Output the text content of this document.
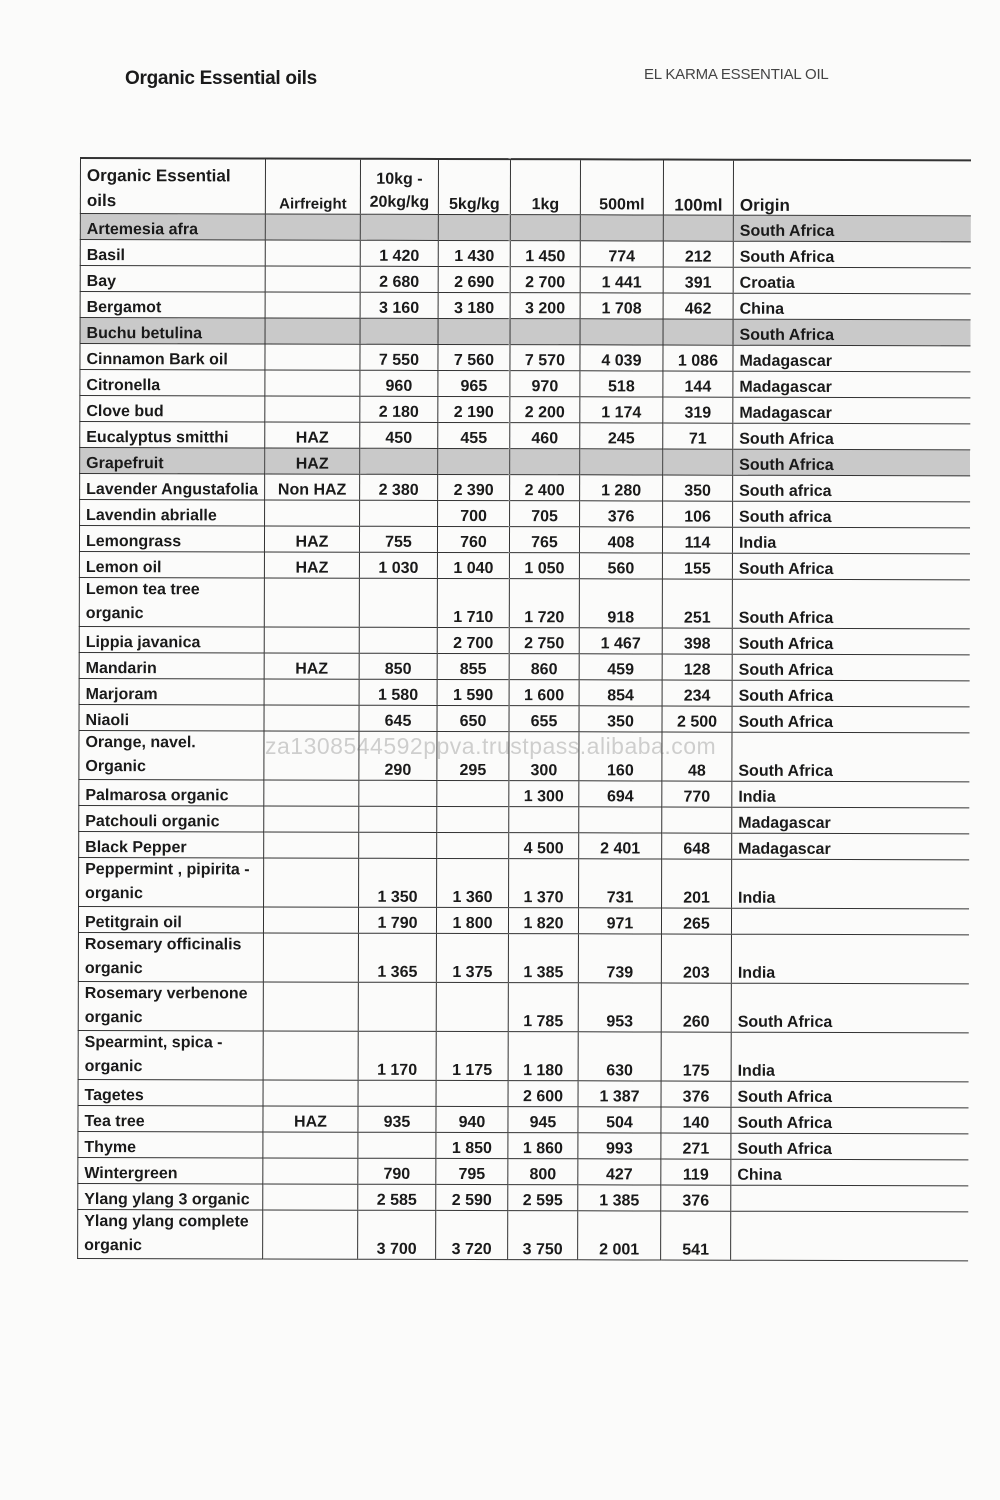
Organic Essential oils	EL KARMA ESSENTIAL OIL
Organic Essential oils	Airfreight	10kg - 20kg/kg	5kg/kg	1kg	500ml	100ml	Origin
Artemesia afra							South Africa
Basil		1 420	1 430	1 450	774	212	South Africa
Bay		2 680	2 690	2 700	1 441	391	Croatia
Bergamot		3 160	3 180	3 200	1 708	462	China
Buchu betulina							South Africa
Cinnamon Bark oil		7 550	7 560	7 570	4 039	1 086	Madagascar
Citronella		960	965	970	518	144	Madagascar
Clove bud		2 180	2 190	2 200	1 174	319	Madagascar
Eucalyptus smitthi	HAZ	450	455	460	245	71	South Africa
Grapefruit	HAZ						South Africa
Lavender Angustafolia	Non HAZ	2 380	2 390	2 400	1 280	350	South africa
Lavendin abrialle			700	705	376	106	South africa
Lemongrass	HAZ	755	760	765	408	114	India
Lemon oil	HAZ	1 030	1 040	1 050	560	155	South Africa
Lemon tea tree organic			1 710	1 720	918	251	South Africa
Lippia javanica			2 700	2 750	1 467	398	South Africa
Mandarin	HAZ	850	855	860	459	128	South Africa
Marjoram		1 580	1 590	1 600	854	234	South Africa
Niaoli		645	650	655	350	2 500	South Africa
Orange, navel. Organic		290	295	300	160	48	South Africa
Palmarosa organic				1 300	694	770	India
Patchouli organic							Madagascar
Black Pepper				4 500	2 401	648	Madagascar
Peppermint , pipirita - organic		1 350	1 360	1 370	731	201	India
Petitgrain oil		1 790	1 800	1 820	971	265	
Rosemary officinalis organic		1 365	1 375	1 385	739	203	India
Rosemary verbenone organic				1 785	953	260	South Africa
Spearmint, spica - organic		1 170	1 175	1 180	630	175	India
Tagetes				2 600	1 387	376	South Africa
Tea tree	HAZ	935	940	945	504	140	South Africa
Thyme			1 850	1 860	993	271	South Africa
Wintergreen		790	795	800	427	119	China
Ylang ylang 3 organic		2 585	2 590	2 595	1 385	376	
Ylang ylang complete organic		3 700	3 720	3 750	2 001	541	
za1308544592ppva.trustpass.alibaba.com
